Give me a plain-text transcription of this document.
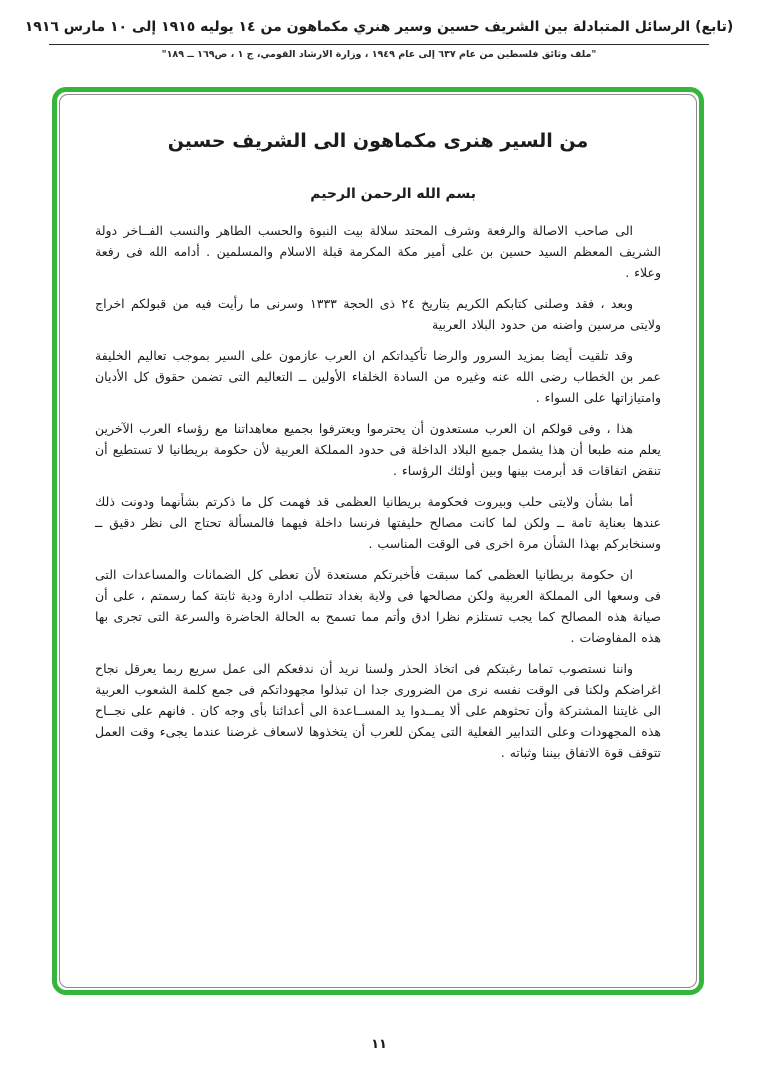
(تابع) الرسائل المتبادلة بين الشريف حسين وسير هنري مكماهون من ١٤ يوليه ١٩١٥ إلى ١٠ مارس ١٩١٦
"ملف وثائق فلسطين من عام ٦٣٧ إلى عام ١٩٤٩ ، وزارة الارشاد القومي، ج ١ ، ص١٦٩ ــ ١٨٩"
من السير هنرى مكماهون الى الشريف حسين
بسم الله الرحمن الرحيم

الى صاحب الاصالة والرفعة وشرف المحتد سلالة بيت النبوة والحسب الطاهر والنسب الفــاخر دولة الشريف المعظم السيد حسين بن على أمير مكة المكرمة قبلة الاسلام والمسلمين . أدامه الله فى رفعة وعلاء .

وبعد ، فقد وصلنى كتابكم الكريم بتاريخ ٢٤ ذى الحجة ١٣٣٣ وسرنى ما رأيت فيه من قبولكم اخراج ولايتى مرسين واضنه من حدود البلاد العربية

وقد تلقيت أيضا بمزيد السرور والرضا تأكيداتكم ان العرب عازمون على السير بموجب تعاليم الخليفة عمر بن الخطاب رضى الله عنه وغيره من السادة الخلفاء الأولين ــ التعاليم التى تضمن حقوق كل الأديان وامتيازاتها على السواء .

هذا ، وفى قولكم ان العرب مستعدون أن يحترموا ويعترفوا بجميع معاهداتنا مع رؤساء العرب الآخرين يعلم منه طبعا أن هذا يشمل جميع البلاد الداخلة فى حدود المملكة العربية لأن حكومة بريطانيا لا تستطيع أن تنقض اتفاقات قد أبرمت بينها وبين أولئك الرؤساء .

أما بشأن ولايتى حلب وبيروت فحكومة بريطانيا العظمى قد فهمت كل ما ذكرتم بشأنهما ودونت ذلك عندها بعناية تامة ــ ولكن لما كانت مصالح حليفتها فرنسا داخلة فيهما فالمسألة تحتاج الى نظر دقيق ــ وسنخابركم بهذا الشأن مرة اخرى فى الوقت المناسب .

ان حكومة بريطانيا العظمى كما سبقت فأخبرتكم مستعدة لأن تعطى كل الضمانات والمساعدات التى فى وسعها الى المملكة العربية ولكن مصالحها فى ولاية بغداد تتطلب ادارة ودية ثابتة كما رسمتم ، على أن صيانة هذه المصالح كما يجب تستلزم نظرا ادق وأتم مما تسمح به الحالة الحاضرة والسرعة التى تجرى بها هذه المفاوضات .

واننا نستصوب تماما رغبتكم فى اتخاذ الحذر ولسنا نريد أن ندفعكم الى عمل سريع ربما يعرقل نجاح اغراضكم ولكنا فى الوقت نفسه نرى من الضرورى جدا ان تبذلوا مجهوداتكم فى جمع كلمة الشعوب العربية الى غايتنا المشتركة وأن تحثوهم على ألا يمــدوا يد المســاعدة الى أعدائنا بأى وجه كان . فانهم على نجــاح هذه المجهودات وعلى التدابير الفعلية التى يمكن للعرب أن يتخذوها لاسعاف غرضنا عندما يجىء وقت العمل تتوقف قوة الاتفاق بيننا وثباته .

١١
